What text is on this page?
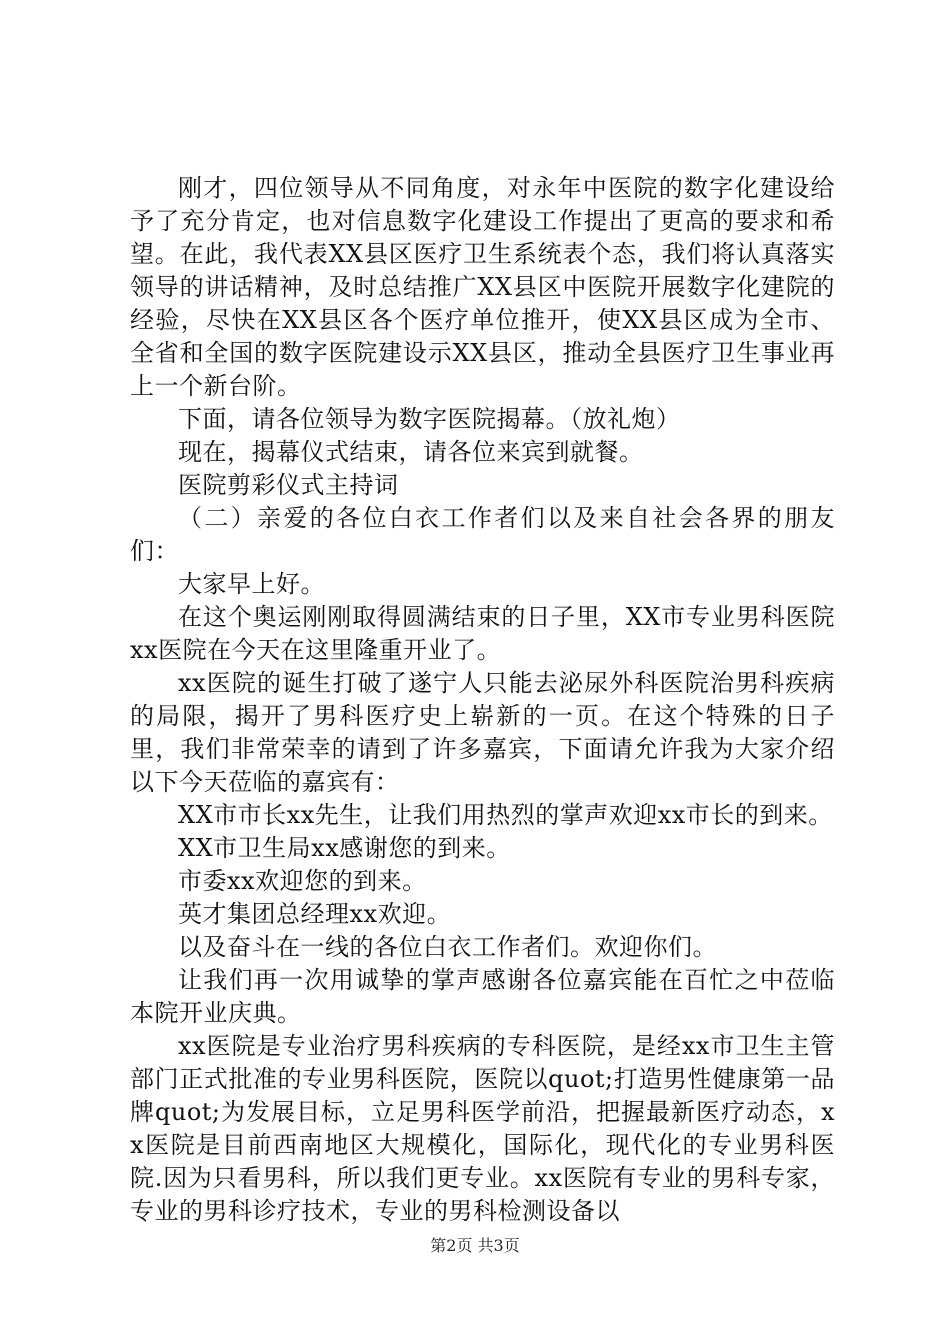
刚才，四位领导从不同角度，对永年中医院的数字化建设给予了充分肯定，也对信息数字化建设工作提出了更高的要求和希望。在此，我代表XX县区医疗卫生系统表个态，我们将认真落实领导的讲话精神，及时总结推广XX县区中医院开展数字化建院的经验，尽快在XX县区各个医疗单位推开，使XX县区成为全市、全省和全国的数字医院建设示XX县区，推动全县医疗卫生事业再上一个新台阶。

下面，请各位领导为数字医院揭幕。（放礼炮）

现在，揭幕仪式结束，请各位来宾到就餐。

医院剪彩仪式主持词

（二）亲爱的各位白衣工作者们以及来自社会各界的朋友们：

大家早上好。

在这个奥运刚刚取得圆满结束的日子里，XX市专业男科医院xx医院在今天在这里隆重开业了。

xx医院的诞生打破了遂宁人只能去泌尿外科医院治男科疾病的局限，揭开了男科医疗史上崭新的一页。在这个特殊的日子里，我们非常荣幸的请到了许多嘉宾，下面请允许我为大家介绍以下今天莅临的嘉宾有：

XX市市长xx先生，让我们用热烈的掌声欢迎xx市长的到来。

XX市卫生局xx感谢您的到来。

市委xx欢迎您的到来。

英才集团总经理xx欢迎。

以及奋斗在一线的各位白衣工作者们。欢迎你们。

让我们再一次用诚挚的掌声感谢各位嘉宾能在百忙之中莅临本院开业庆典。

xx医院是专业治疗男科疾病的专科医院，是经xx市卫生主管部门正式批准的专业男科医院，医院以quot;打造男性健康第一品牌quot;为发展目标，立足男科医学前沿，把握最新医疗动态，xx医院是目前西南地区大规模化，国际化，现代化的专业男科医院.因为只看男科，所以我们更专业。xx医院有专业的男科专家，专业的男科诊疗技术，专业的男科检测设备以

第2页 共3页
